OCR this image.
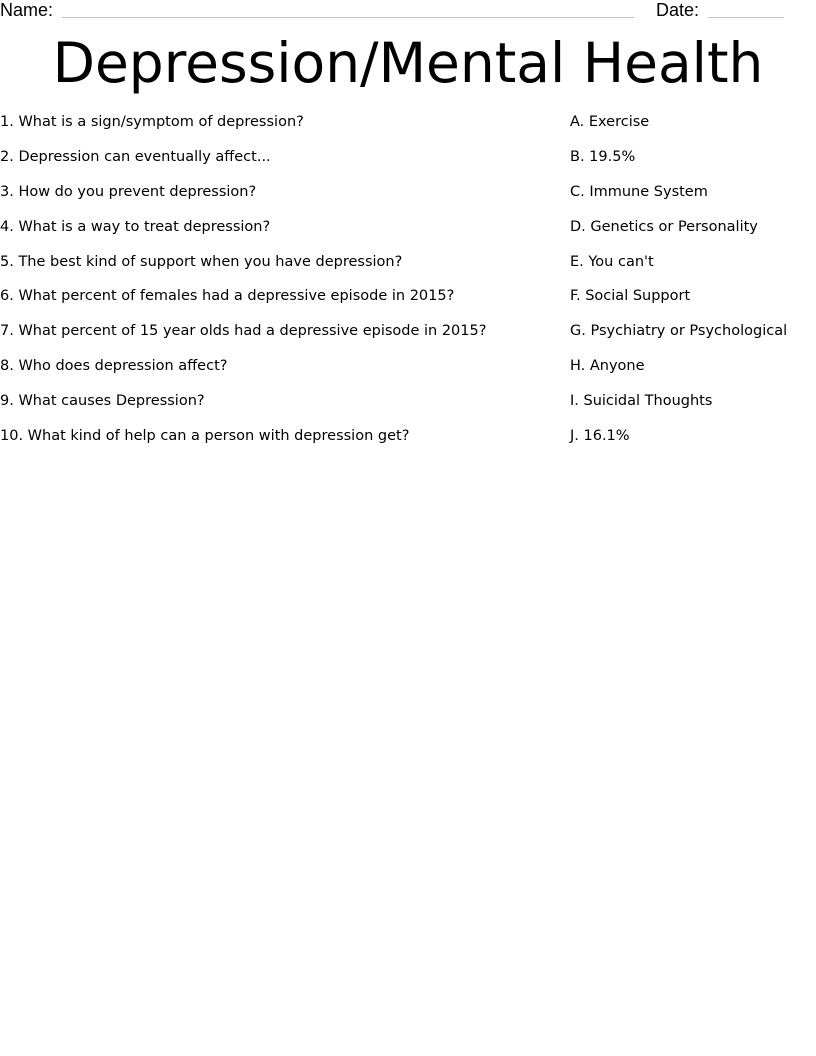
Name:	Date:
Depression/Mental Health
1. What is a sign/symptom of depression?
2. Depression can eventually affect...
3. How do you prevent depression?
4. What is a way to treat depression?
5. The best kind of support when you have depression?
6. What percent of females had a depressive episode in 2015?
7. What percent of 15 year olds had a depressive episode in 2015?
8. Who does depression affect?
9. What causes Depression?
10. What kind of help can a person with depression get?
A. Exercise
B. 19.5%
C. Immune System
D. Genetics or Personality
E. You can't
F. Social Support
G. Psychiatry or Psychological
H. Anyone
I. Suicidal Thoughts
J. 16.1%
